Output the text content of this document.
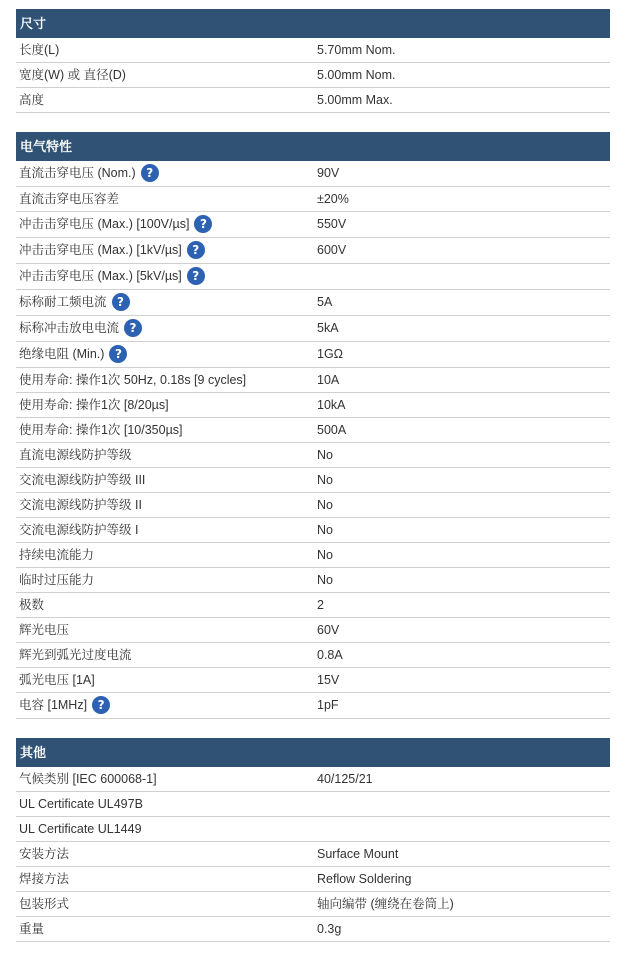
尺寸
长度(L)	5.70mm Nom.
宽度(W) 或 直径(D)	5.00mm Nom.
高度	5.00mm Max.
电气特性
直流击穿电压 (Nom.) ?	90V
直流击穿电压容差	±20%
冲击击穿电压 (Max.) [100V/µs] ?	550V
冲击击穿电压 (Max.) [1kV/µs] ?	600V
冲击击穿电压 (Max.) [5kV/µs] ?
标称耐工频电流 ?	5A
标称冲击放电电流 ?	5kA
绝缘电阻 (Min.) ?	1GΩ
使用寿命: 操作1次 50Hz, 0.18s [9 cycles]	10A
使用寿命: 操作1次 [8/20µs]	10kA
使用寿命: 操作1次 [10/350µs]	500A
直流电源线防护等级	No
交流电源线防护等级 III	No
交流电源线防护等级 II	No
交流电源线防护等级 I	No
持续电流能力	No
临时过压能力	No
极数	2
辉光电压	60V
辉光到弧光过度电流	0.8A
弧光电压 [1A]	15V
电容 [1MHz] ?	1pF
其他
气候类别 [IEC 600068-1]	40/125/21
UL Certificate UL497B
UL Certificate UL1449
安装方法	Surface Mount
焊接方法	Reflow Soldering
包装形式	轴向编带 (缠绕在卷筒上)
重量	0.3g
